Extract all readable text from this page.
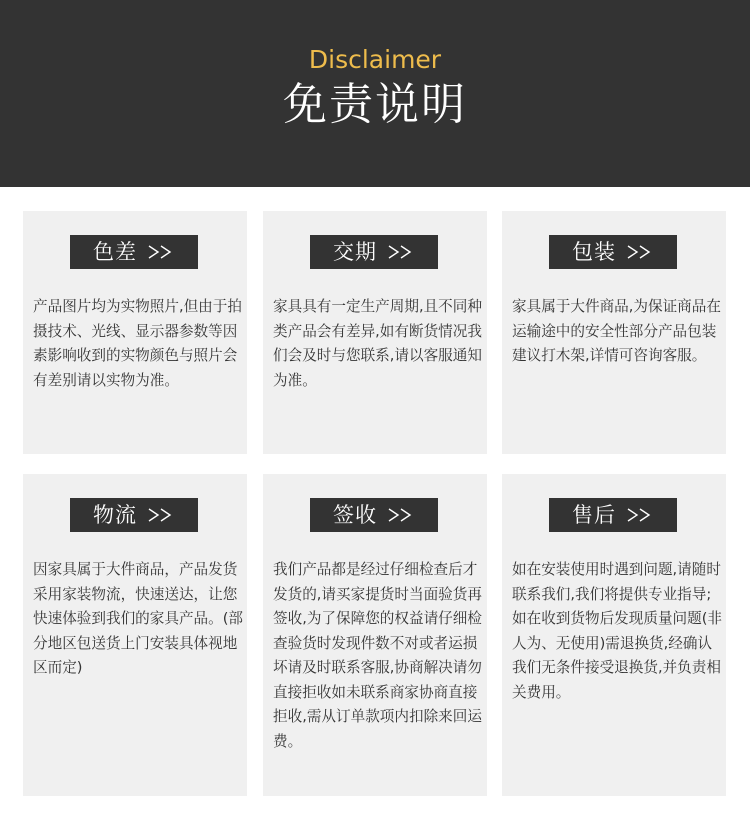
Disclaimer
免责说明
色差

产品图片均为实物照片,但由于拍摄技术、光线、显示器参数等因素影响收到的实物颜色与照片会有差别请以实物为准。

交期

家具具有一定生产周期,且不同种类产品会有差异,如有断货情况我们会及时与您联系,请以客服通知为准。

包装

家具属于大件商品,为保证商品在运输途中的安全性部分产品包装建议打木架,详情可咨询客服。

物流

因家具属于大件商品，产品发货采用家装物流，快速送达，让您快速体验到我们的家具产品。(部分地区包送货上门安装具体视地区而定)

签收

我们产品都是经过仔细检查后才发货的,请买家提货时当面验货再签收,为了保障您的权益请仔细检查验货时发现件数不对或者运损坏请及时联系客服,协商解决请勿直接拒收如未联系商家协商直接拒收,需从订单款项内扣除来回运费。

售后

如在安装使用时遇到问题,请随时联系我们,我们将提供专业指导;如在收到货物后发现质量问题(非人为、无使用)需退换货,经确认我们无条件接受退换货,并负责相关费用。
